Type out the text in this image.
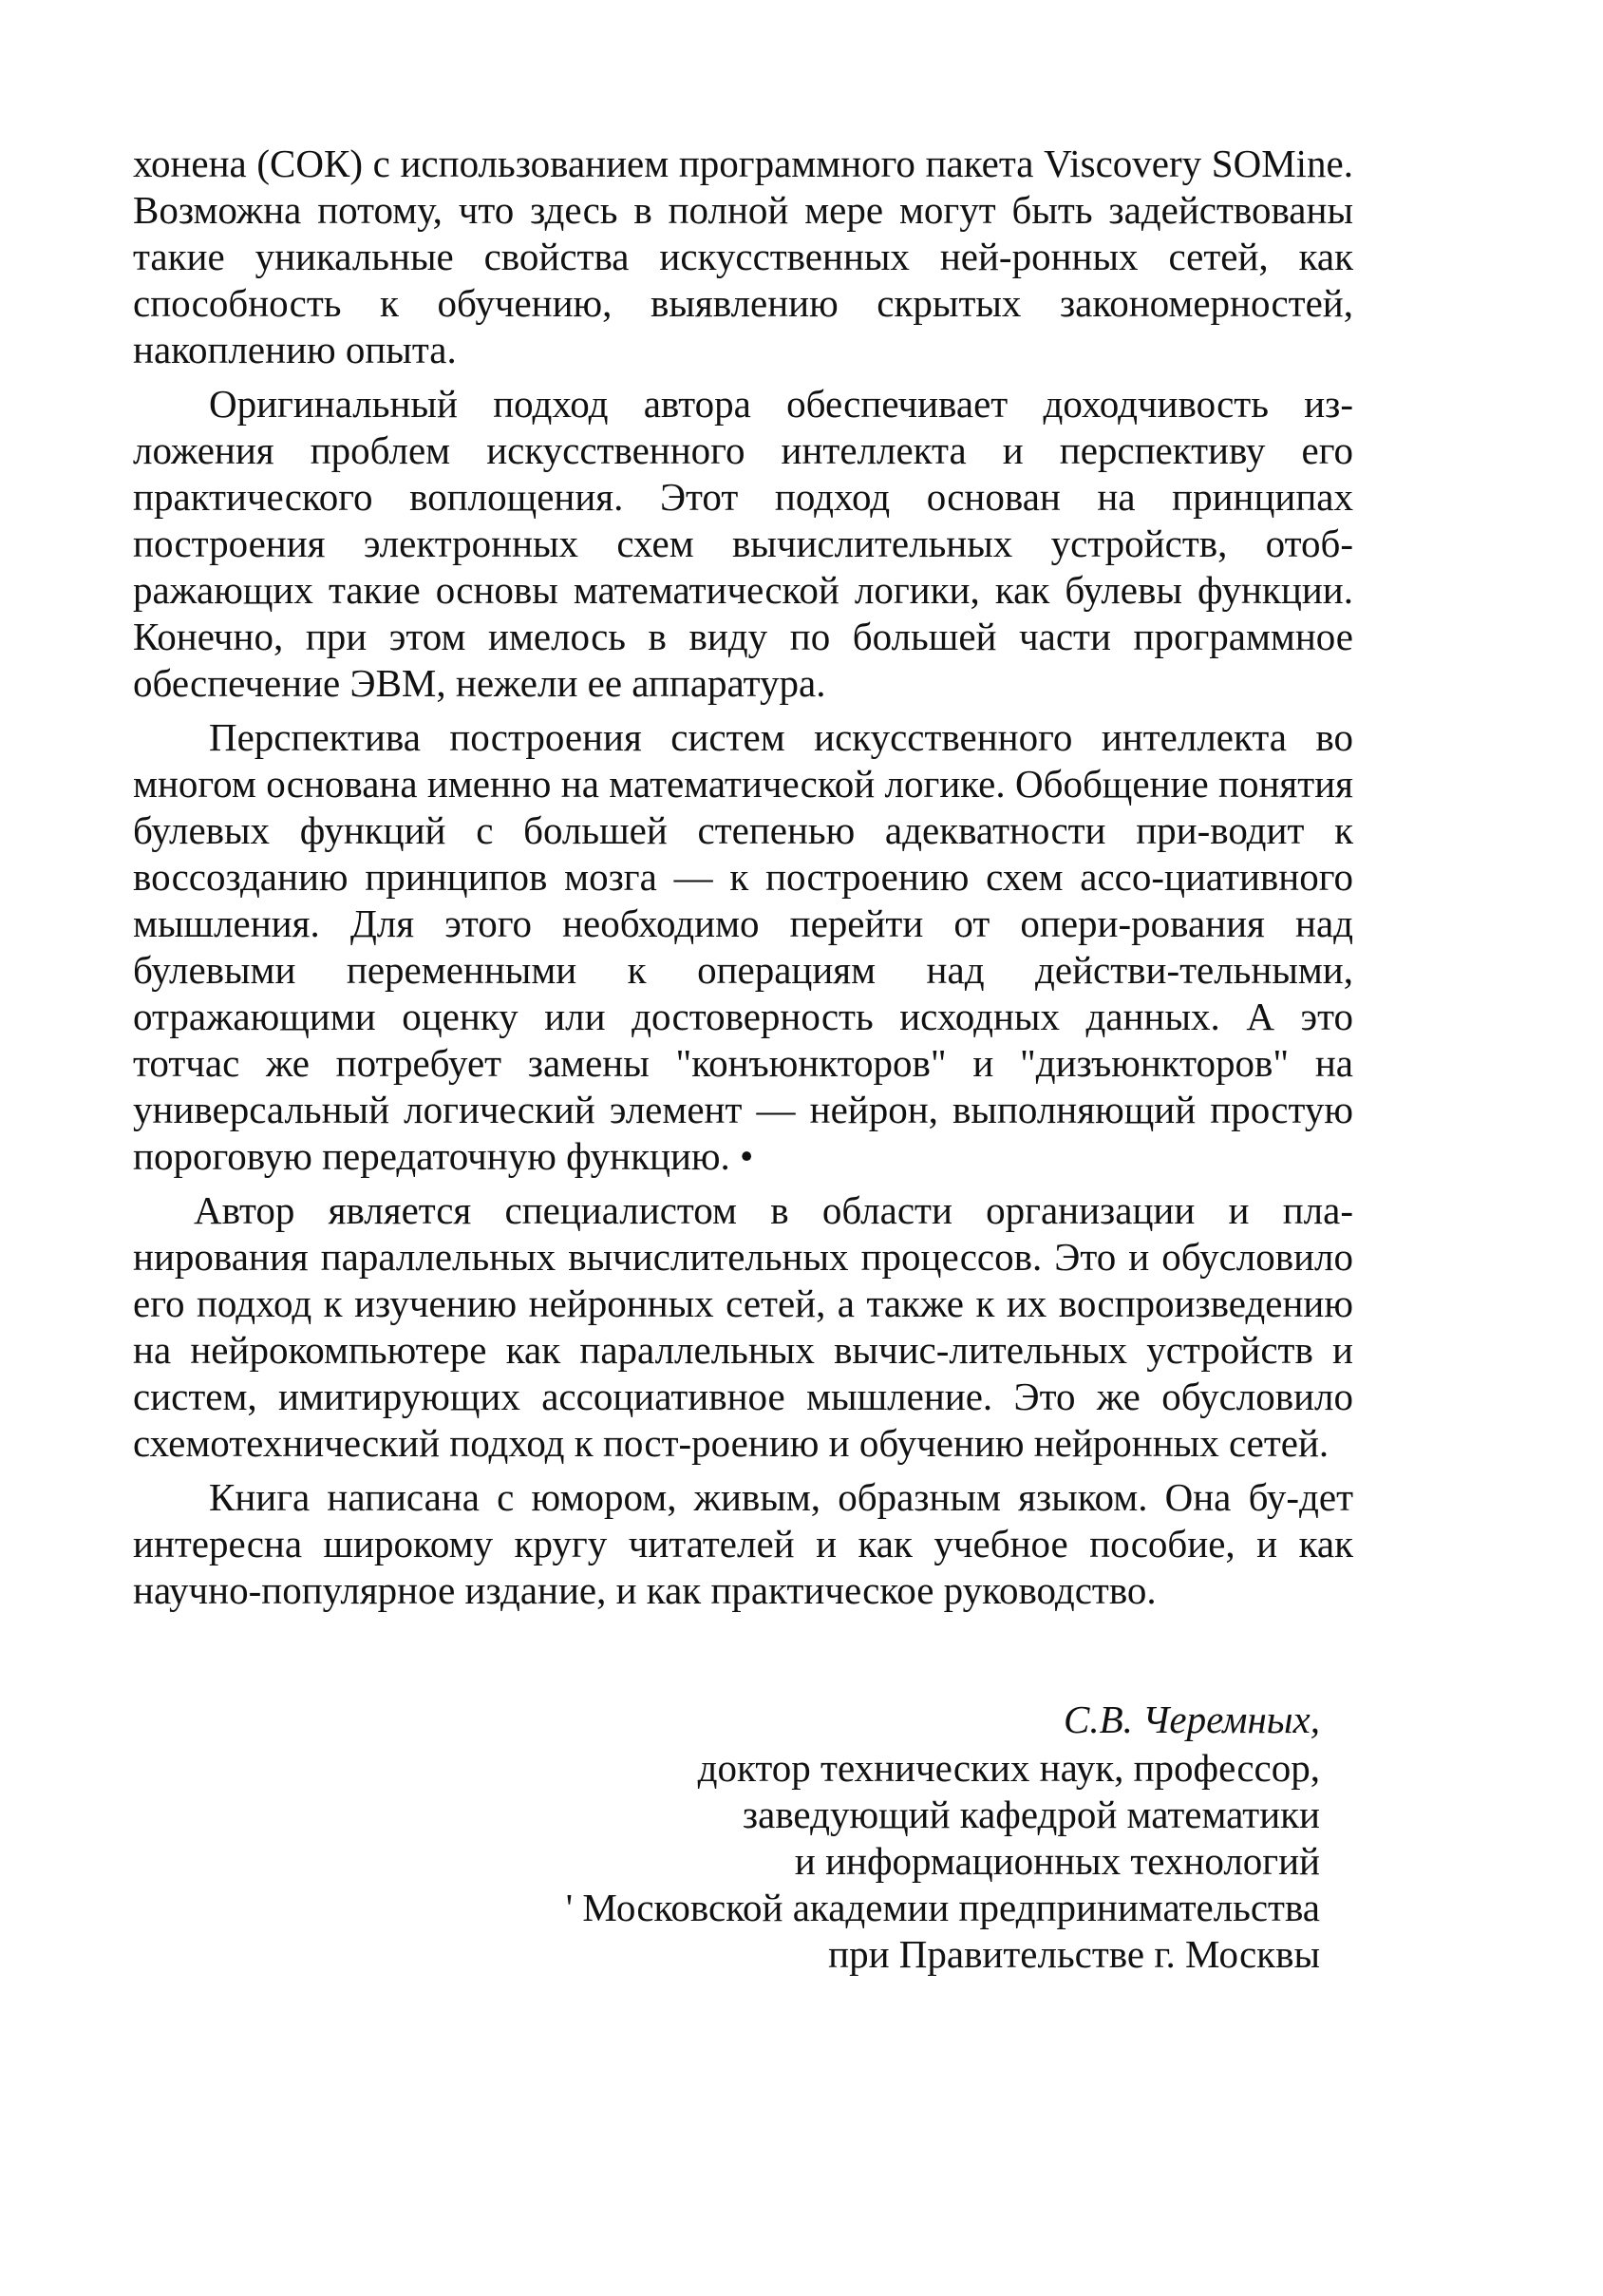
хонена (СОК) с использованием программного пакета Viscovery SOMine. Возможна потому, что здесь в полной мере могут быть задействованы такие уникальные свойства искусственных ней-ронных сетей, как способность к обучению, выявлению скрытых закономерностей, накоплению опыта.

Оригинальный подход автора обеспечивает доходчивость из-ложения проблем искусственного интеллекта и перспективу его практического воплощения. Этот подход основан на принципах построения электронных схем вычислительных устройств, отоб-ражающих такие основы математической логики, как булевы функции. Конечно, при этом имелось в виду по большей части программное обеспечение ЭВМ, нежели ее аппаратура.

Перспектива построения систем искусственного интеллекта во многом основана именно на математической логике. Обобщение понятия булевых функций с большей степенью адекватности при-водит к воссозданию принципов мозга — к построению схем ассо-циативного мышления. Для этого необходимо перейти от опери-рования над булевыми переменными к операциям над действи-тельными, отражающими оценку или достоверность исходных данных. А это тотчас же потребует замены "конъюнкторов" и "дизъюнкторов" на универсальный логический элемент — нейрон, выполняющий простую пороговую передаточную функцию. •

Автор является специалистом в области организации и пла-нирования параллельных вычислительных процессов. Это и обусловило его подход к изучению нейронных сетей, а также к их воспроизведению на нейрокомпьютере как параллельных вычис-лительных устройств и систем, имитирующих ассоциативное мышление. Это же обусловило схемотехнический подход к пост-роению и обучению нейронных сетей.

Книга написана с юмором, живым, образным языком. Она бу-дет интересна широкому кругу читателей и как учебное пособие, и как научно-популярное издание, и как практическое руководство.

С.В. Черемных,
доктор технических наук, профессор,
заведующий кафедрой математики
и информационных технологий
' Московской академии предпринимательства
при Правительстве г. Москвы
